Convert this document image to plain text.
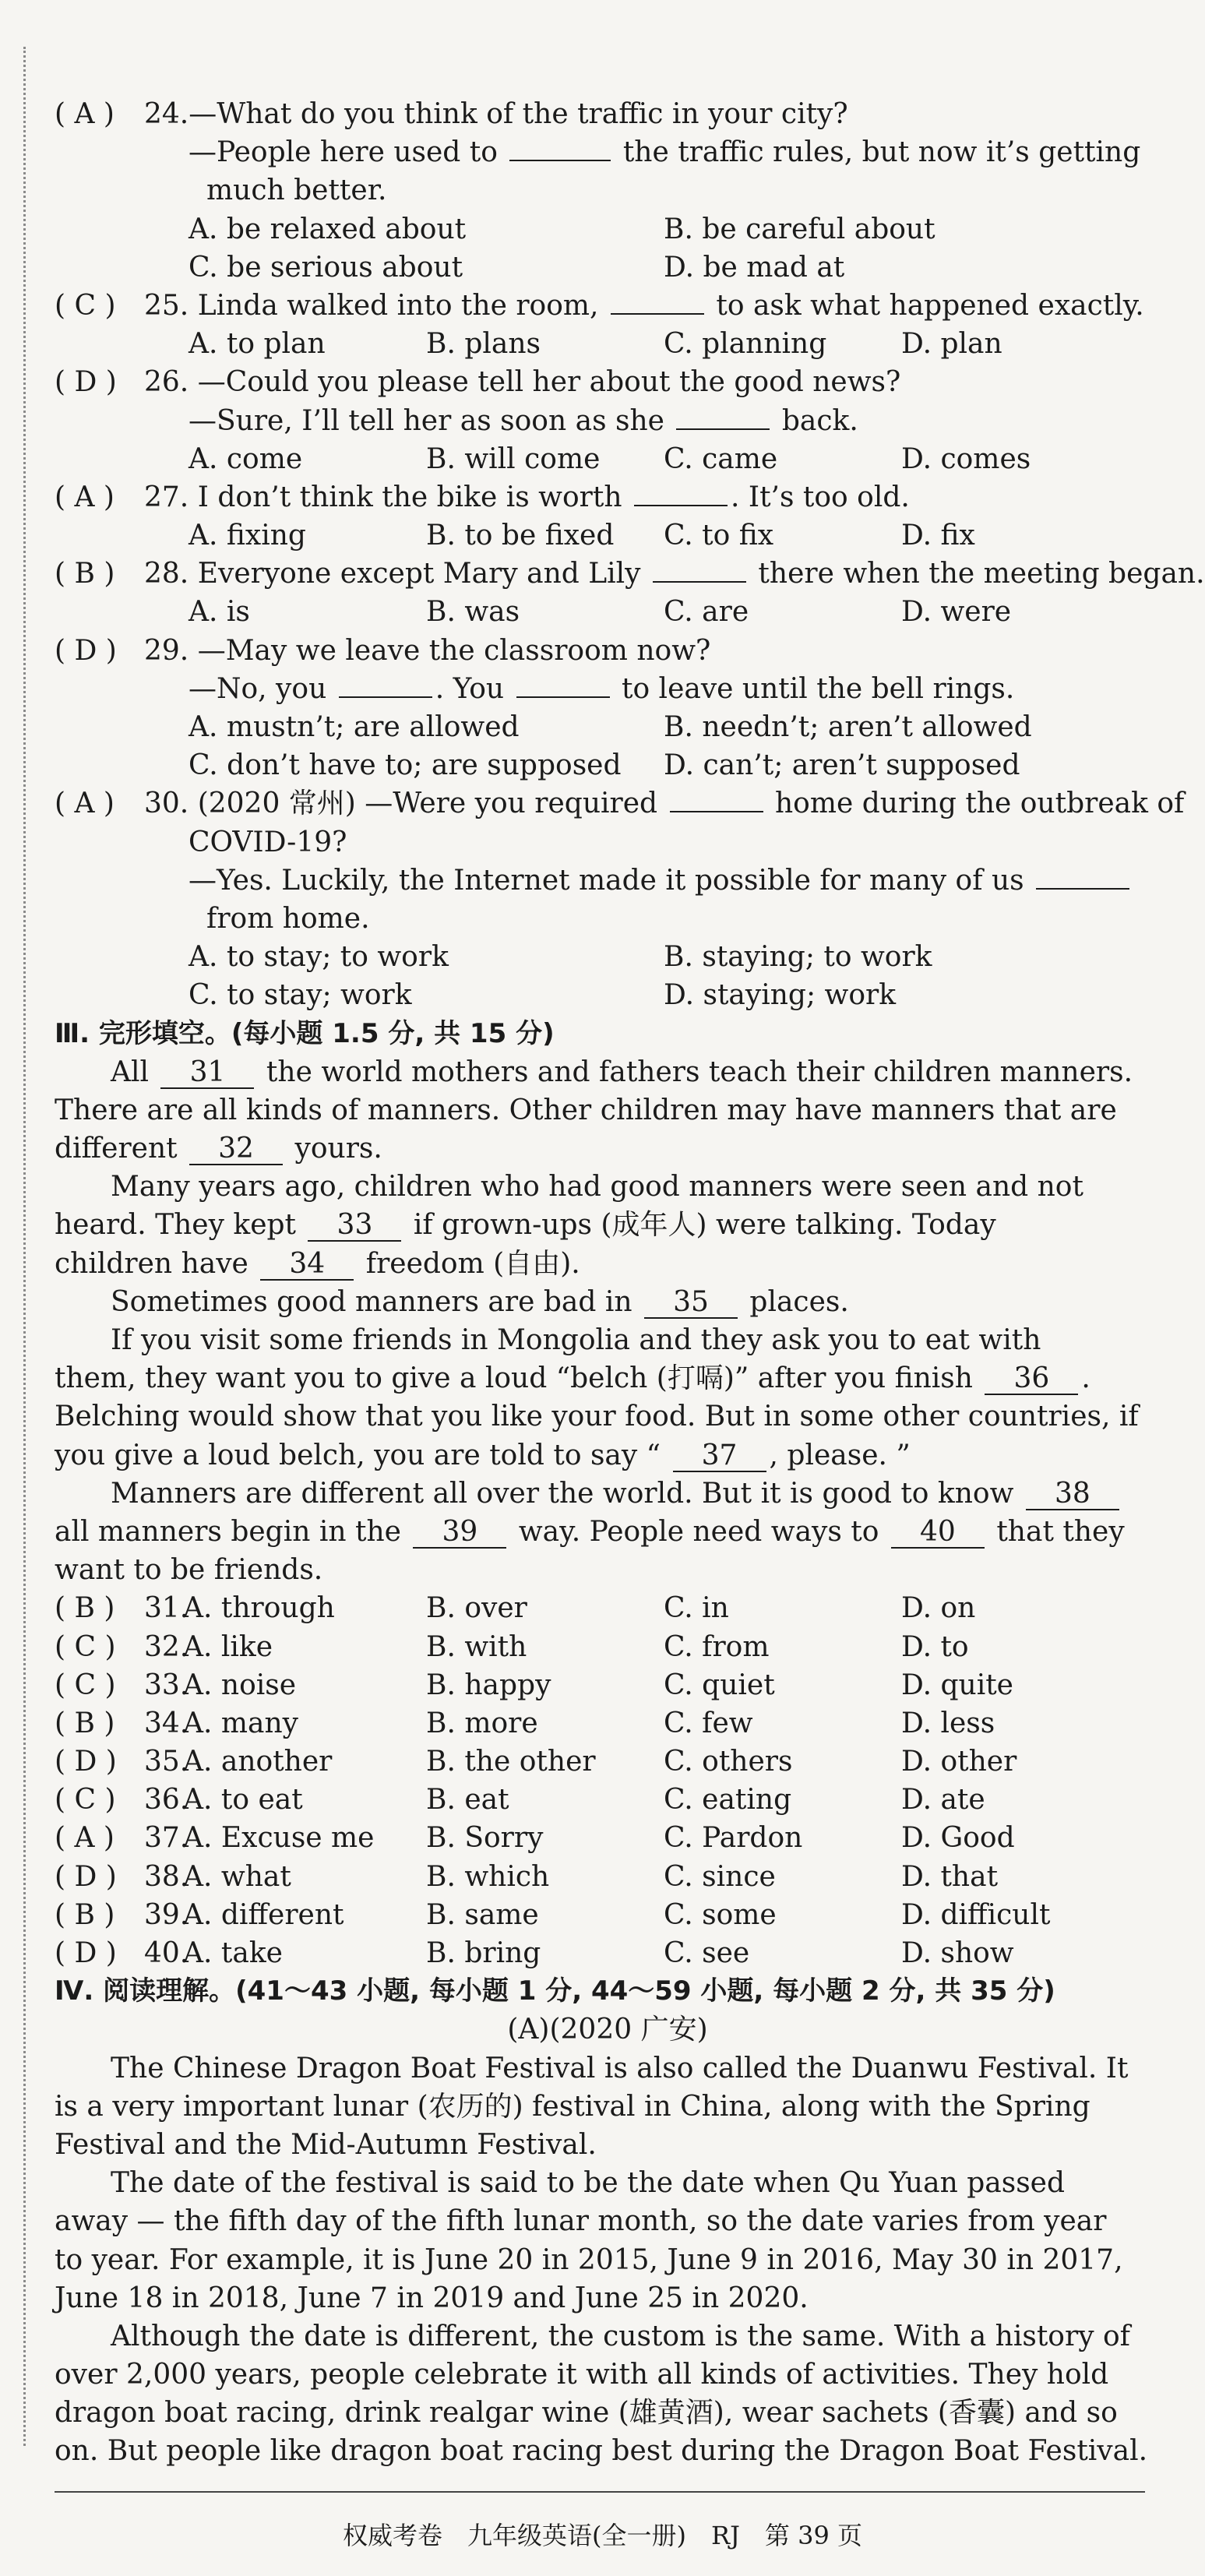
( A ) 24.—What do you think of the traffic in your city?
—People here used to	the traffic rules, but now it’s getting
much better.
A. be relaxed about	B. be careful about
C. be serious about	D. be mad at
( C ) 25. Linda walked into the room,	to ask what happened exactly.
A. to plan	B. plans	C. planning	D. plan
( D ) 26. —Could you please tell her about the good news?
—Sure, I’ll tell her as soon as she	back.
A. come	B. will come C. came	D. comes
( A ) 27. I don’t think the bike is worth	. It’s too old.
A. fixing	B. to be fixed C. to fix	D. fix
( B ) 28. Everyone except Mary and Lily	there when the meeting began.
A. is	B. was	C. are	D. were
( D ) 29. —May we leave the classroom now?
—No, you	. You	to leave until the bell rings.
A. mustn’t; are allowed	B. needn’t; aren’t allowed
C. don’t have to; are supposed D. can’t; aren’t supposed
( A ) 30. (2020 常州) —Were you required	home during the outbreak of
COVID-19?
—Yes. Luckily, the Internet made it possible for many of us
from home.
A. to stay; to work	B. staying; to work
C. to stay; work	D. staying; work
Ⅲ. 完形填空。(每小题 1.5 分, 共 15 分)
All 31 the world mothers and fathers teach their children manners.
There are all kinds of manners. Other children may have manners that are
different 32 yours.
Many years ago, children who had good manners were seen and not
heard. They kept 33 if grown-ups (成年人) were talking. Today
children have 34 freedom (自由).
Sometimes good manners are bad in 35 places.
If you visit some friends in Mongolia and they ask you to eat with
them, they want you to give a loud “belch (打嗝)” after you finish 36 .
Belching would show that you like your food. But in some other countries, if
you give a loud belch, you are told to say “ 37 , please. ”
Manners are different all over the world. But it is good to know 38
all manners begin in the 39 way. People need ways to 40 that they
want to be friends.
( B ) 31.
A. through	B. over	C. in	D. on
( C ) 32.
A. like	B. with	C. from	D. to
( C ) 33.
A. noise	B. happy	C. quiet	D. quite
( B ) 34.
A. many	B. more	C. few	D. less
( D ) 35.
A. another	B. the other C. others	D. other
( C ) 36.
A. to eat	B. eat	C. eating	D. ate
( A ) 37.
A. Excuse me B. Sorry	C. Pardon	D. Good
( D ) 38.
A. what	B. which	C. since	D. that
( B ) 39.
A. different	B. same	C. some	D. difficult
( D ) 40.
A. take	B. bring	C. see	D. show
Ⅳ. 阅读理解。(41～43 小题, 每小题 1 分, 44～59 小题, 每小题 2 分, 共 35 分)
(A)(2020 广安)
The Chinese Dragon Boat Festival is also called the Duanwu Festival. It
is a very important lunar (农历的) festival in China, along with the Spring
Festival and the Mid-Autumn Festival.
The date of the festival is said to be the date when Qu Yuan passed
away — the fifth day of the fifth lunar month, so the date varies from year
to year. For example, it is June 20 in 2015, June 9 in 2016, May 30 in 2017,
June 18 in 2018, June 7 in 2019 and June 25 in 2020.
Although the date is different, the custom is the same. With a history of
over 2,000 years, people celebrate it with all kinds of activities. They hold
dragon boat racing, drink realgar wine (雄黄酒), wear sachets (香囊) and so
on. But people like dragon boat racing best during the Dragon Boat Festival.
权威考卷　九年级英语(全一册)　RJ　第 39 页
